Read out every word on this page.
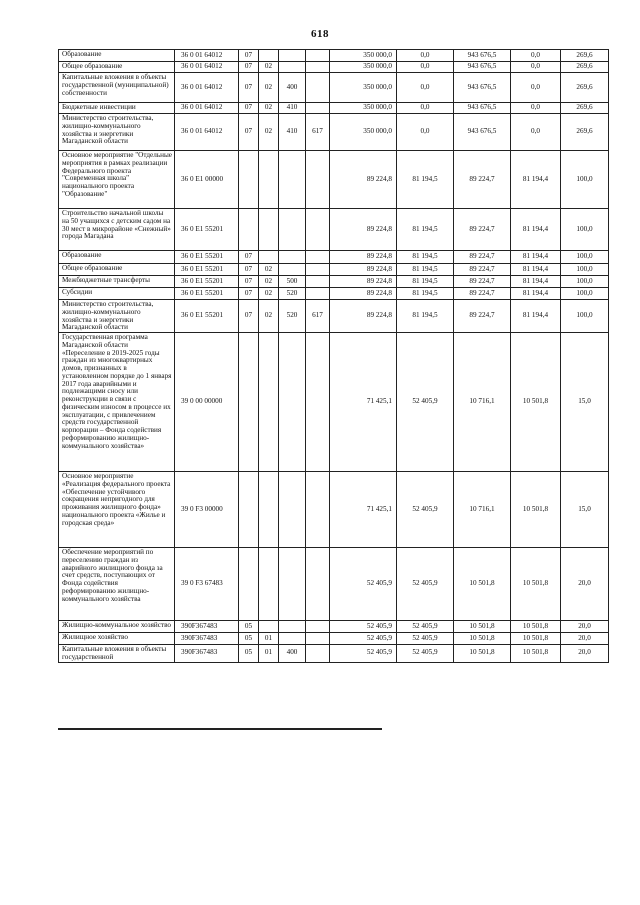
618
Образование	36 0 01 64012	07				350 000,0	0,0	943 676,5	0,0	269,6
Общее образование	36 0 01 64012	07	02			350 000,0	0,0	943 676,5	0,0	269,6
Капитальные вложения в объекты государственной (муниципальной) собственности	36 0 01 64012	07	02	400		350 000,0	0,0	943 676,5	0,0	269,6
Бюджетные инвестиции	36 0 01 64012	07	02	410		350 000,0	0,0	943 676,5	0,0	269,6
Министерство строительства, жилищно-коммунального хозяйства и энергетики Магаданской области	36 0 01 64012	07	02	410	617	350 000,0	0,0	943 676,5	0,0	269,6
Основное мероприятие "Отдельные мероприятия в рамках реализации Федерального проекта "Современная школа" национального проекта "Образование"	36 0 E1 00000					89 224,8	81 194,5	89 224,7	81 194,4	100,0
Строительство начальной школы на 50 учащихся с детским садом на 30 мест в микрорайоне «Снежный» города Магадана	36 0 E1 55201					89 224,8	81 194,5	89 224,7	81 194,4	100,0
Образование	36 0 E1 55201	07				89 224,8	81 194,5	89 224,7	81 194,4	100,0
Общее образование	36 0 E1 55201	07	02			89 224,8	81 194,5	89 224,7	81 194,4	100,0
Межбюджетные трансферты	36 0 E1 55201	07	02	500		89 224,8	81 194,5	89 224,7	81 194,4	100,0
Субсидии	36 0 E1 55201	07	02	520		89 224,8	81 194,5	89 224,7	81 194,4	100,0
Министерство строительства, жилищно-коммунального хозяйства и энергетики Магаданской области	36 0 E1 55201	07	02	520	617	89 224,8	81 194,5	89 224,7	81 194,4	100,0
Государственная программа Магаданской области «Переселение в 2019-2025 годы граждан из многоквартирных домов, признанных в установленном порядке до 1 января 2017 года аварийными и подлежащими сносу или реконструкции в связи с физическим износом в процессе их эксплуатации, с привлечением средств государственной корпорации – Фонда содействия реформированию жилищно-коммунального хозяйства»	39 0 00 00000					71 425,1	52 405,9	10 716,1	10 501,8	15,0
Основное мероприятие «Реализация федерального проекта «Обеспечение устойчивого сокращения непригодного для проживания жилищного фонда» национального проекта «Жилье и городская среда»	39 0 F3 00000					71 425,1	52 405,9	10 716,1	10 501,8	15,0
Обеспечение мероприятий по переселению граждан из аварийного жилищного фонда за счет средств, поступающих от Фонда содействия реформированию жилищно-коммунального хозяйства	39 0 F3 67483					52 405,9	52 405,9	10 501,8	10 501,8	20,0
Жилищно-коммунальное хозяйство	390F367483	05				52 405,9	52 405,9	10 501,8	10 501,8	20,0
Жилищное хозяйство	390F367483	05	01			52 405,9	52 405,9	10 501,8	10 501,8	20,0
Капитальные вложения в объекты государственной	390F367483	05	01	400		52 405,9	52 405,9	10 501,8	10 501,8	20,0
